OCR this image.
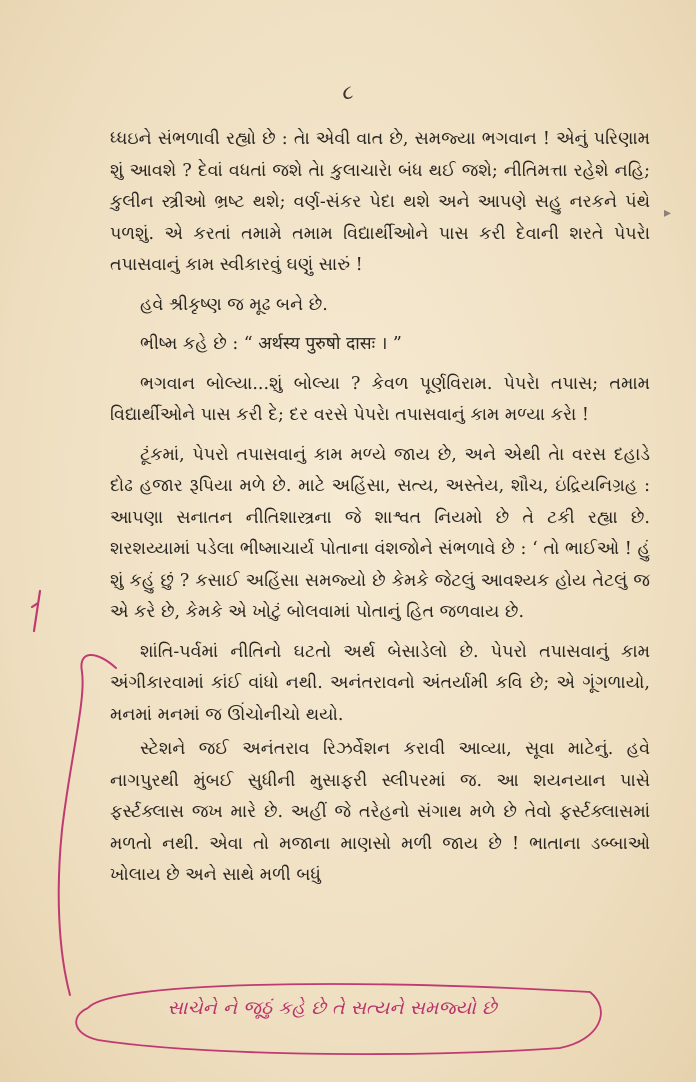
૮

ધ્ધઇને સંભળાવી રહ્યો છે : તેા એવી વાત છે, સમજ્યા ભગવાન ! એનું પરિણામ શું આવશે ? દેવાં વધતાં જશે તેા કુલાચારેા બંધ થઈ જશે; નીતિમત્તા રહેશે નહિ; કુલીન સ્ત્રીઓ ભ્રષ્ટ થશે; વર્ણ-સંકર પેદા થશે અને આપણે સહુ નરકને પંથે પળશું. એ કરતાં તમામે તમામ વિદ્યાર્થીઓને પાસ કરી દેવાની શરતે પેપરેા તપાસવાનું કામ સ્વીકારવું ઘણું સારું !

હવે શ્રીકૃષ્ણ જ મૂઢ બને છે.

ભીષ્મ કહે છે : “ अर्थस्य पुरुषो दासः । ”

ભગવાન બોલ્યા...શું બોલ્યા ? કેવળ પૂર્ણવિરામ. પેપરેા તપાસ; તમામ વિદ્યાર્થીઓને પાસ કરી દે; દર વરસે પેપરેા તપાસવાનું કામ મળ્યા કરેા !

ટૂંકમાં, પેપરો તપાસવાનું કામ મળ્યે જાય છે, અને એથી તેા વરસ દહાડે દોઢ હજાર રૂપિયા મળે છે. માટે અહિંસા, સત્ય, અસ્તેય, શૌચ, ઇંદ્રિયનિગ્રહ : આપણા સનાતન નીતિશાસ્ત્રના જે શાશ્વત નિયમો છે તે ટકી રહ્યા છે. શરશય્યામાં પડેલા ભીષ્માચાર્ય પોતાના વંશજોને સંભળાવે છે : ‘ તો ભાઈઓ ! હું શું કહું છું ? કસાઈ અહિંસા સમજ્યો છે કેમકે જેટલું આવશ્યક હોય તેટલું જ એ કરે છે, કેમકે એ ખોટું બોલવામાં પોતાનું હિત જળવાય છે.

શાંતિ-પર્વમાં નીતિનો ઘટતો અર્થ બેસાડેલો છે. પેપરો તપાસવાનું કામ અંગીકારવામાં કાંઈ વાંધો નથી. અનંતરાવનો અંતર્યામી કવિ છે; એ ગૂંગળાયો, મનમાં મનમાં જ ઊંચોનીચો થયો.

સ્ટેશને જઈ અનંતરાવ રિઝર્વેશન કરાવી આવ્યા, સૂવા માટેનું. હવે નાગપુરથી મુંબઈ સુધીની મુસાફરી સ્લીપરમાં જ. આ શયનયાન પાસે ફર્સ્ટક્લાસ જખ મારે છે. અહીં જે તરેહનો સંગાથ મળે છે તેવો ફર્સ્ટક્લાસમાં મળતો નથી. એવા તો મજાના માણસો મળી જાય છે ! ભાતાના ડબ્બાઓ ખોલાય છે અને સાથે મળી બધું

સાચેને ને જૂઠું કહે છે તે સત્યને સમજ્યો છે
▸
